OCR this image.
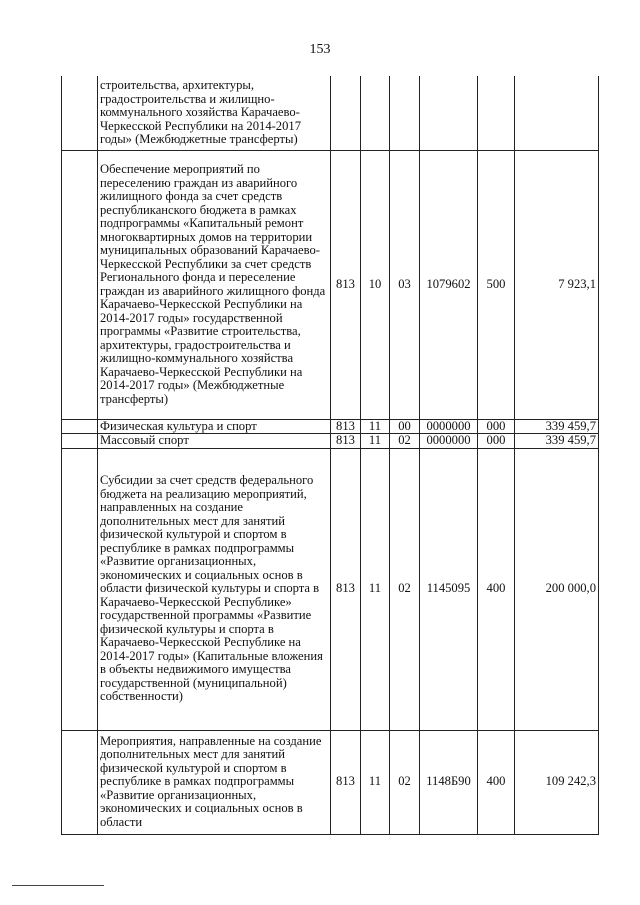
153
	строительства, архитектуры, градостроительства и жилищно-коммунального хозяйства Карачаево-Черкесской Республики на 2014-2017 годы» (Межбюджетные трансферты)						
	Обеспечение мероприятий по переселению граждан из аварийного жилищного фонда за счет средств республиканского бюджета в рамках подпрограммы «Капитальный ремонт многоквартирных домов на территории муниципальных образований Карачаево-Черкесской Республики за счет средств Регионального фонда и переселение граждан из аварийного жилищного фонда Карачаево-Черкесской Республики на 2014-2017 годы» государственной программы «Развитие строительства, архитектуры, градостроительства и жилищно-коммунального хозяйства Карачаево-Черкесской Республики на 2014-2017 годы» (Межбюджетные трансферты)	813	10	03	1079602	500	7 923,1
	Физическая культура и спорт	813	11	00	0000000	000	339 459,7
	Массовый спорт	813	11	02	0000000	000	339 459,7
	Субсидии за счет средств федерального бюджета на реализацию мероприятий, направленных на создание дополнительных мест для занятий физической культурой и спортом в республике в рамках подпрограммы «Развитие организационных, экономических и социальных основ в области физической культуры и спорта в Карачаево-Черкесской Республике» государственной программы «Развитие физической культуры и спорта в Карачаево-Черкесской Республике на 2014-2017 годы» (Капитальные вложения в объекты недвижимого имущества государственной (муниципальной) собственности)	813	11	02	1145095	400	200 000,0
	Мероприятия, направленные на создание дополнительных мест для занятий физической культурой и спортом в республике в рамках подпрограммы «Развитие организационных, экономических и социальных основ в области	813	11	02	1148Б90	400	109 242,3
